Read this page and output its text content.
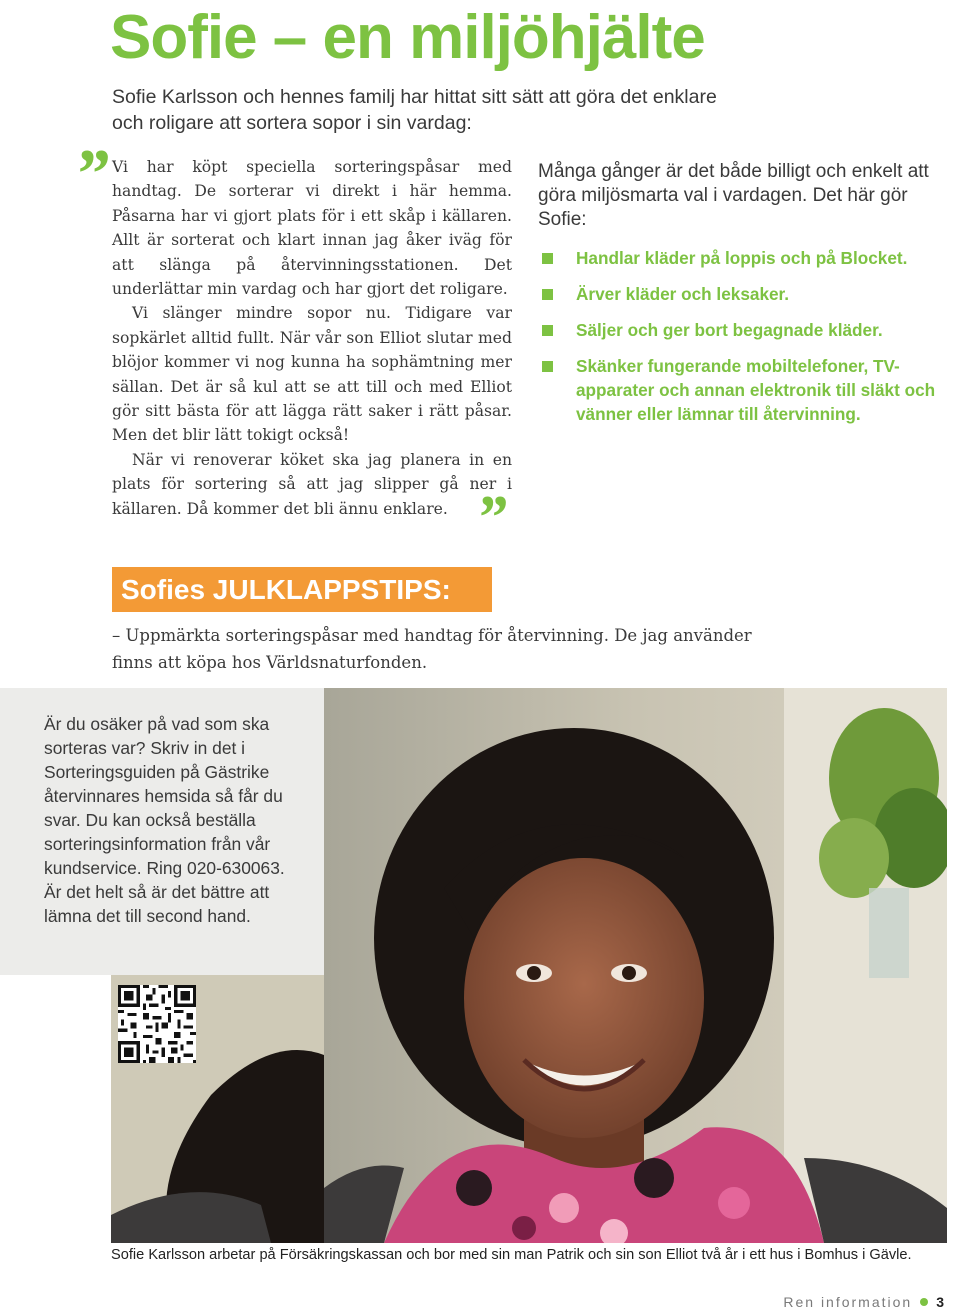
Sofie – en miljöhjälte
Sofie Karlsson och hennes familj har hittat sitt sätt att göra det enklare och roligare att sortera sopor i sin vardag:
” Vi har köpt speciella sorteringspåsar med handtag. De sorterar vi direkt i här hemma. Påsarna har vi gjort plats för i ett skåp i källaren. Allt är sorterat och klart innan jag åker iväg för att slänga på återvinningsstationen. Det underlättar min vardag och har gjort det roligare.

Vi slänger mindre sopor nu. Tidigare var sopkärlet alltid fullt. När vår son Elliot slutar med blöjor kommer vi nog kunna ha sophämtning mer sällan. Det är så kul att se att till och med Elliot gör sitt bästa för att lägga rätt saker i rätt påsar. Men det blir lätt tokigt också!

När vi renoverar köket ska jag planera in en plats för sortering så att jag slipper gå ner i källaren. Då kommer det bli ännu enklare. ”

Många gånger är det både billigt och enkelt att göra miljösmarta val i vardagen. Det här gör Sofie:
Handlar kläder på loppis och på Blocket.
Ärver kläder och leksaker.
Säljer och ger bort begagnade kläder.
Skänker fungerande mobiltelefoner, TV-apparater och annan elektronik till släkt och vänner eller lämnar till återvinning.
Sofies JULKLAPPSTIPS:
– Uppmärkta sorteringspåsar med handtag för återvinning. De jag använder finns att köpa hos Världsnaturfonden.
Är du osäker på vad som ska sorteras var? Skriv in det i Sorteringsguiden på Gästrike återvinnares hemsida så får du svar. Du kan också beställa sorteringsinformation från vår kundservice. Ring 020-630063. Är det helt så är det bättre att lämna det till second hand.
Sofie Karlsson arbetar på Försäkringskassan och bor med sin man Patrik och sin son Elliot två år i ett hus i Bomhus i Gävle.
Ren information 3
